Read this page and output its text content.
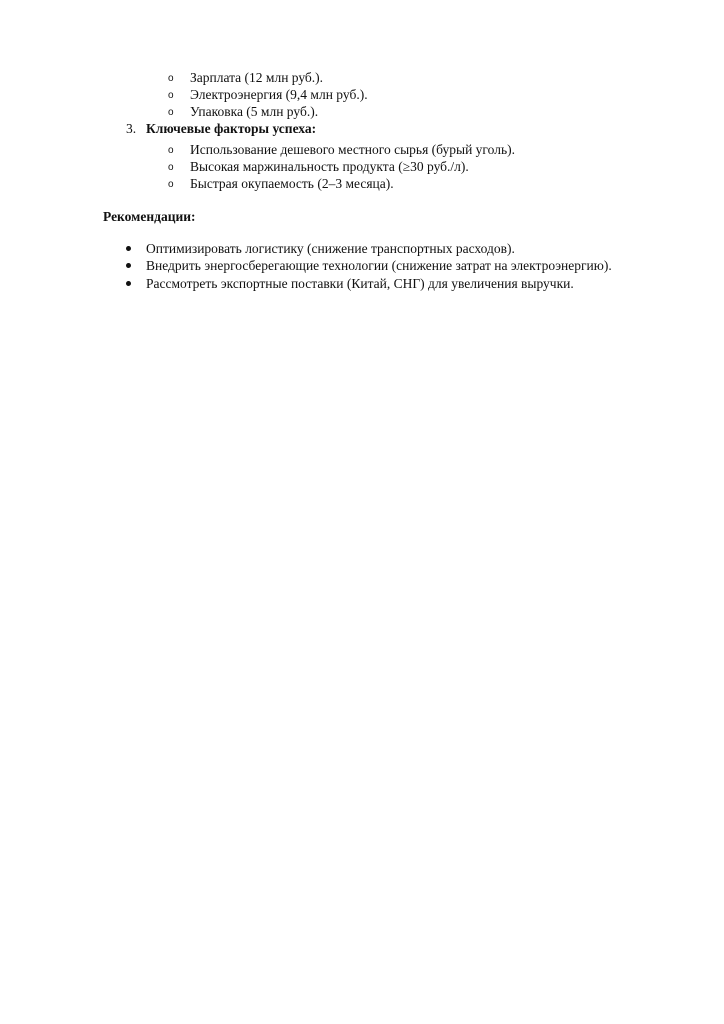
o Зарплата (12 млн руб.).
o Электроэнергия (9,4 млн руб.).
o Упаковка (5 млн руб.).
3. Ключевые факторы успеха:
o Использование дешевого местного сырья (бурый уголь).
o Высокая маржинальность продукта (≥30 руб./л).
o Быстрая окупаемость (2–3 месяца).
Рекомендации:
Оптимизировать логистику (снижение транспортных расходов).
Внедрить энергосберегающие технологии (снижение затрат на электроэнергию).
Рассмотреть экспортные поставки (Китай, СНГ) для увеличения выручки.
